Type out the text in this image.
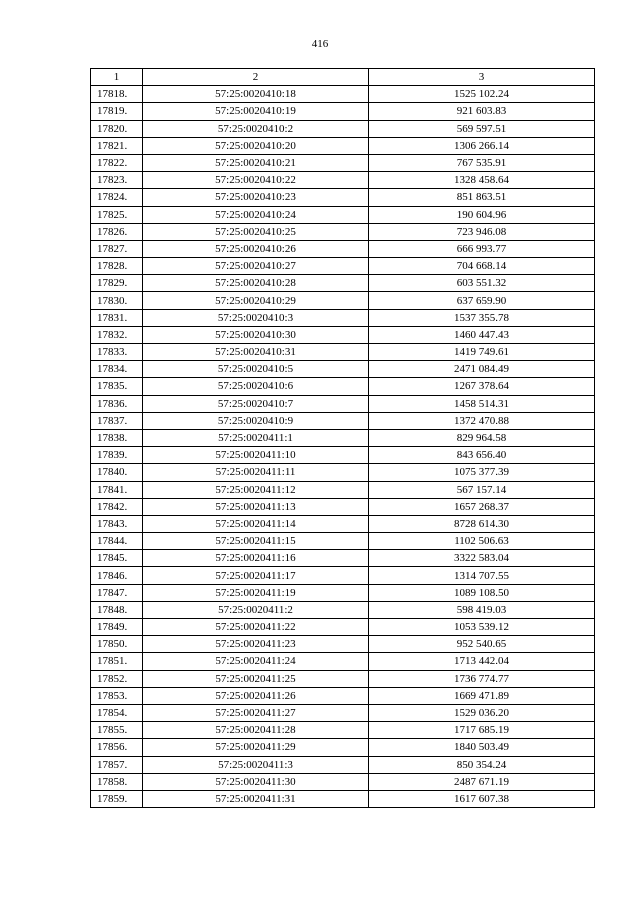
416
1	2	3
17818.	57:25:0020410:18	1525 102.24
17819.	57:25:0020410:19	921 603.83
17820.	57:25:0020410:2	569 597.51
17821.	57:25:0020410:20	1306 266.14
17822.	57:25:0020410:21	767 535.91
17823.	57:25:0020410:22	1328 458.64
17824.	57:25:0020410:23	851 863.51
17825.	57:25:0020410:24	190 604.96
17826.	57:25:0020410:25	723 946.08
17827.	57:25:0020410:26	666 993.77
17828.	57:25:0020410:27	704 668.14
17829.	57:25:0020410:28	603 551.32
17830.	57:25:0020410:29	637 659.90
17831.	57:25:0020410:3	1537 355.78
17832.	57:25:0020410:30	1460 447.43
17833.	57:25:0020410:31	1419 749.61
17834.	57:25:0020410:5	2471 084.49
17835.	57:25:0020410:6	1267 378.64
17836.	57:25:0020410:7	1458 514.31
17837.	57:25:0020410:9	1372 470.88
17838.	57:25:0020411:1	829 964.58
17839.	57:25:0020411:10	843 656.40
17840.	57:25:0020411:11	1075 377.39
17841.	57:25:0020411:12	567 157.14
17842.	57:25:0020411:13	1657 268.37
17843.	57:25:0020411:14	8728 614.30
17844.	57:25:0020411:15	1102 506.63
17845.	57:25:0020411:16	3322 583.04
17846.	57:25:0020411:17	1314 707.55
17847.	57:25:0020411:19	1089 108.50
17848.	57:25:0020411:2	598 419.03
17849.	57:25:0020411:22	1053 539.12
17850.	57:25:0020411:23	952 540.65
17851.	57:25:0020411:24	1713 442.04
17852.	57:25:0020411:25	1736 774.77
17853.	57:25:0020411:26	1669 471.89
17854.	57:25:0020411:27	1529 036.20
17855.	57:25:0020411:28	1717 685.19
17856.	57:25:0020411:29	1840 503.49
17857.	57:25:0020411:3	850 354.24
17858.	57:25:0020411:30	2487 671.19
17859.	57:25:0020411:31	1617 607.38
